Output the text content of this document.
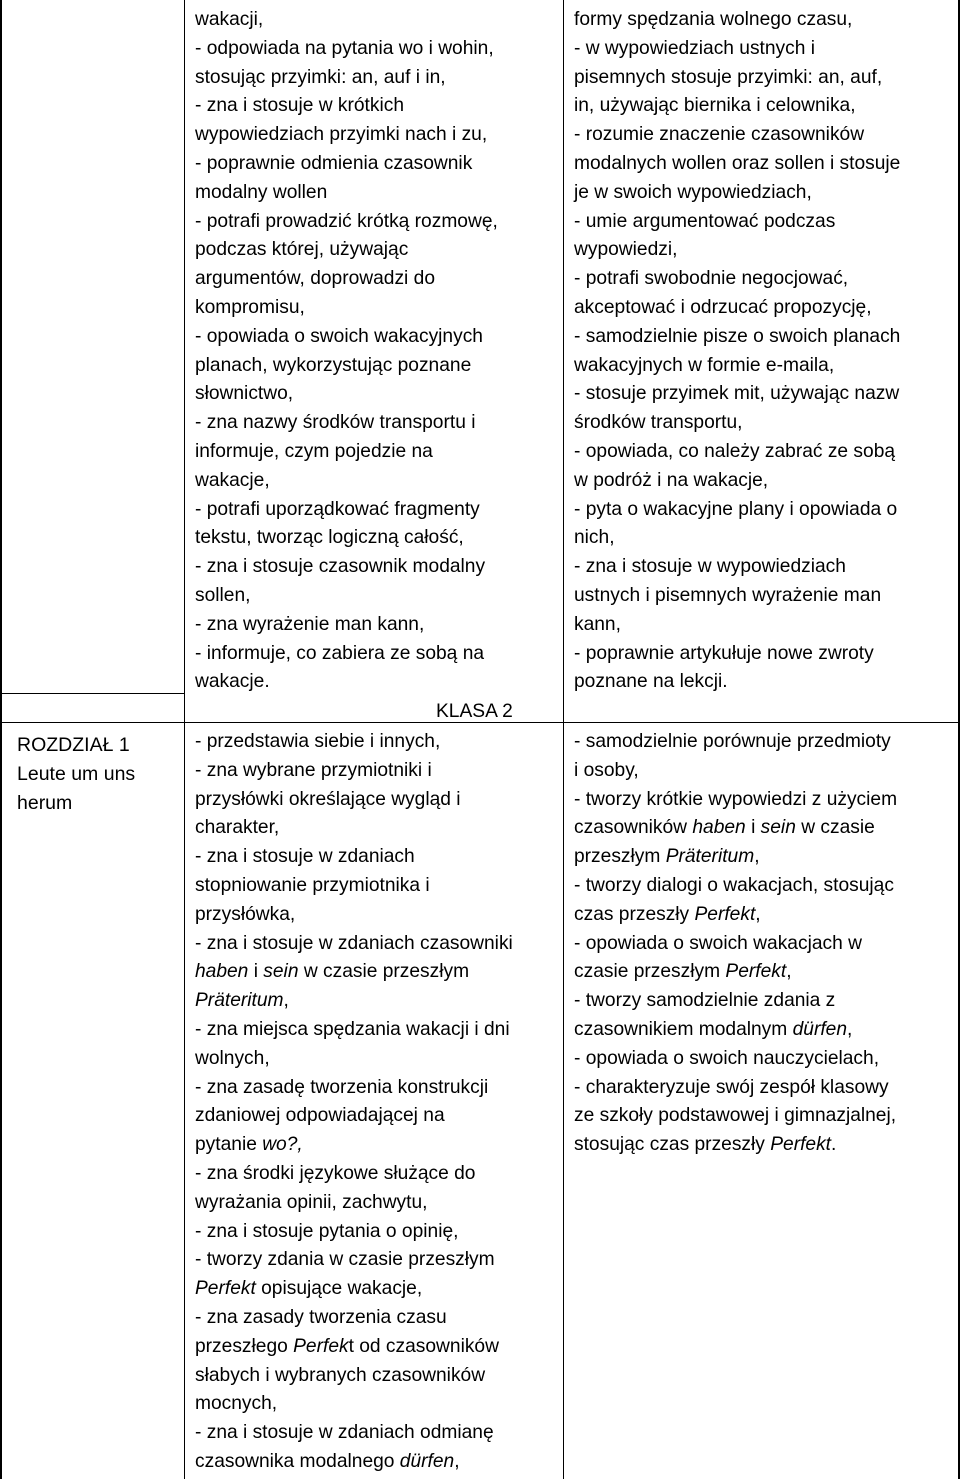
ROZDZIAŁ 1
Leute um uns
herum
KLASA 2
wakacji,
- odpowiada na pytania wo i wohin,
stosując przyimki: an, auf i in,
- zna i stosuje w krótkich
wypowiedziach przyimki nach i zu,
- poprawnie odmienia czasownik
modalny wollen
- potrafi prowadzić krótką rozmowę,
podczas której, używając
argumentów, doprowadzi do
kompromisu,
- opowiada o swoich wakacyjnych
planach, wykorzystując poznane
słownictwo,
- zna nazwy środków transportu i
informuje, czym pojedzie na
wakacje,
- potrafi uporządkować fragmenty
tekstu, tworząc logiczną całość,
- zna i stosuje czasownik modalny
sollen,
- zna wyrażenie man kann,
- informuje, co zabiera ze sobą na
wakacje.
formy spędzania wolnego czasu,
- w wypowiedziach ustnych i
pisemnych stosuje przyimki: an, auf,
in, używając biernika i celownika,
- rozumie znaczenie czasowników
modalnych wollen oraz sollen i stosuje
je w swoich wypowiedziach,
- umie argumentować podczas
wypowiedzi,
- potrafi swobodnie negocjować,
akceptować i odrzucać propozycję,
- samodzielnie pisze o swoich planach
wakacyjnych w formie e-maila,
- stosuje przyimek mit, używając nazw
środków transportu,
- opowiada, co należy zabrać ze sobą
w podróż i na wakacje,
- pyta o wakacyjne plany i opowiada o
nich,
- zna i stosuje w wypowiedziach
ustnych i pisemnych wyrażenie man
kann,
- poprawnie artykułuje nowe zwroty
poznane na lekcji.
- przedstawia siebie i innych,
- zna wybrane przymiotniki i
przysłówki określające wygląd i
charakter,
- zna i stosuje w zdaniach
stopniowanie przymiotnika i
przysłówka,
- zna i stosuje w zdaniach czasowniki
haben i sein w czasie przeszłym
Präteritum,
- zna miejsca spędzania wakacji i dni
wolnych,
- zna zasadę tworzenia konstrukcji
zdaniowej odpowiadającej na
pytanie wo?,
- zna środki językowe służące do
wyrażania opinii, zachwytu,
- zna i stosuje pytania o opinię,
- tworzy zdania w czasie przeszłym
Perfekt opisujące wakacje,
- zna zasady tworzenia czasu
przeszłego Perfekt od czasowników
słabych i wybranych czasowników
mocnych,
- zna i stosuje w zdaniach odmianę
czasownika modalnego dürfen,
- samodzielnie porównuje przedmioty
i osoby,
- tworzy krótkie wypowiedzi z użyciem
czasowników haben i sein w czasie
przeszłym Präteritum,
- tworzy dialogi o wakacjach, stosując
czas przeszły Perfekt,
- opowiada o swoich wakacjach w
czasie przeszłym Perfekt,
- tworzy samodzielnie zdania z
czasownikiem modalnym dürfen,
- opowiada o swoich nauczycielach,
- charakteryzuje swój zespół klasowy
ze szkoły podstawowej i gimnazjalnej,
stosując czas przeszły Perfekt.
